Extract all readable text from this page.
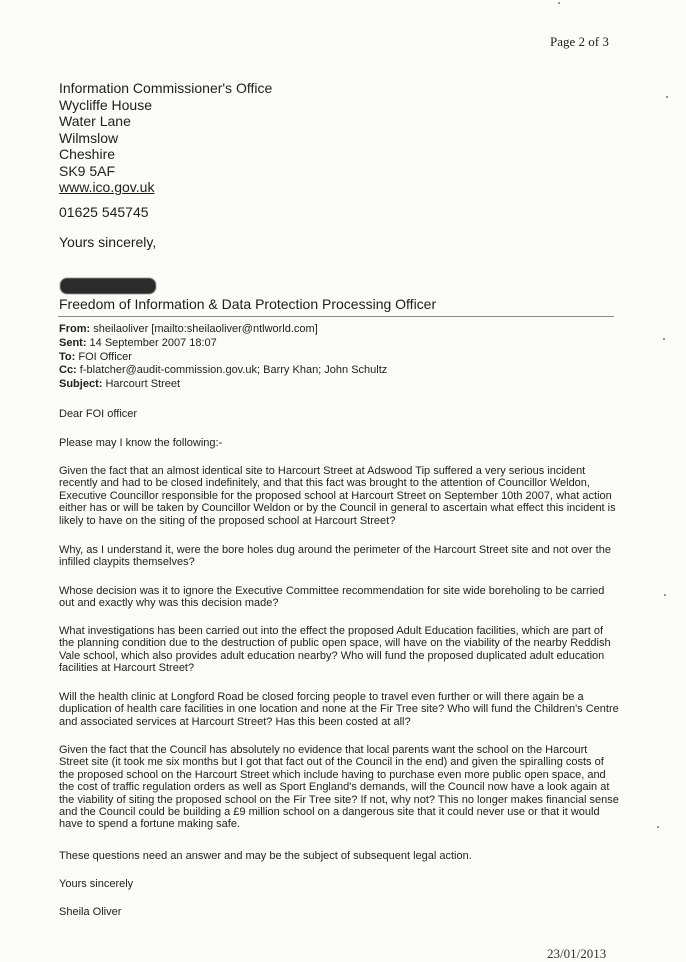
Page 2 of 3
Information Commissioner's Office
Wycliffe House
Water Lane
Wilmslow
Cheshire
SK9 5AF
www.ico.gov.uk
01625 545745
Yours sincerely,
Freedom of Information & Data Protection Processing Officer
From: sheilaoliver [mailto:sheilaoliver@ntlworld.com]
Sent: 14 September 2007 18:07
To: FOI Officer
Cc: f-blatcher@audit-commission.gov.uk; Barry Khan; John Schultz
Subject: Harcourt Street
Dear FOI officer
Please may I know the following:-
Given the fact that an almost identical site to Harcourt Street at Adswood Tip suffered a very serious incident recently and had to be closed indefinitely, and that this fact was brought to the attention of Councillor Weldon, Executive Councillor responsible for the proposed school at Harcourt Street on September 10th 2007, what action either has or will be taken by Councillor Weldon or by the Council in general to ascertain what effect this incident is likely to have on the siting of the proposed school at Harcourt Street?
Why, as I understand it, were the bore holes dug around the perimeter of the Harcourt Street site and not over the infilled claypits themselves?
Whose decision was it to ignore the Executive Committee recommendation for site wide boreholing to be carried out and exactly why was this decision made?
What investigations has been carried out into the effect the proposed Adult Education facilities, which are part of the planning condition due to the destruction of public open space, will have on the viability of the nearby Reddish Vale school, which also provides adult education nearby? Who will fund the proposed duplicated adult education facilities at Harcourt Street?
Will the health clinic at Longford Road be closed forcing people to travel even further or will there again be a duplication of health care facilities in one location and none at the Fir Tree site? Who will fund the Children's Centre and associated services at Harcourt Street? Has this been costed at all?
Given the fact that the Council has absolutely no evidence that local parents want the school on the Harcourt Street site (it took me six months but I got that fact out of the Council in the end) and given the spiralling costs of the proposed school on the Harcourt Street which include having to purchase even more public open space, and the cost of traffic regulation orders as well as Sport England's demands, will the Council now have a look again at the viability of siting the proposed school on the Fir Tree site? If not, why not? This no longer makes financial sense and the Council could be building a £9 million school on a dangerous site that it could never use or that it would have to spend a fortune making safe.
These questions need an answer and may be the subject of subsequent legal action.
Yours sincerely
Sheila Oliver
23/01/2013
